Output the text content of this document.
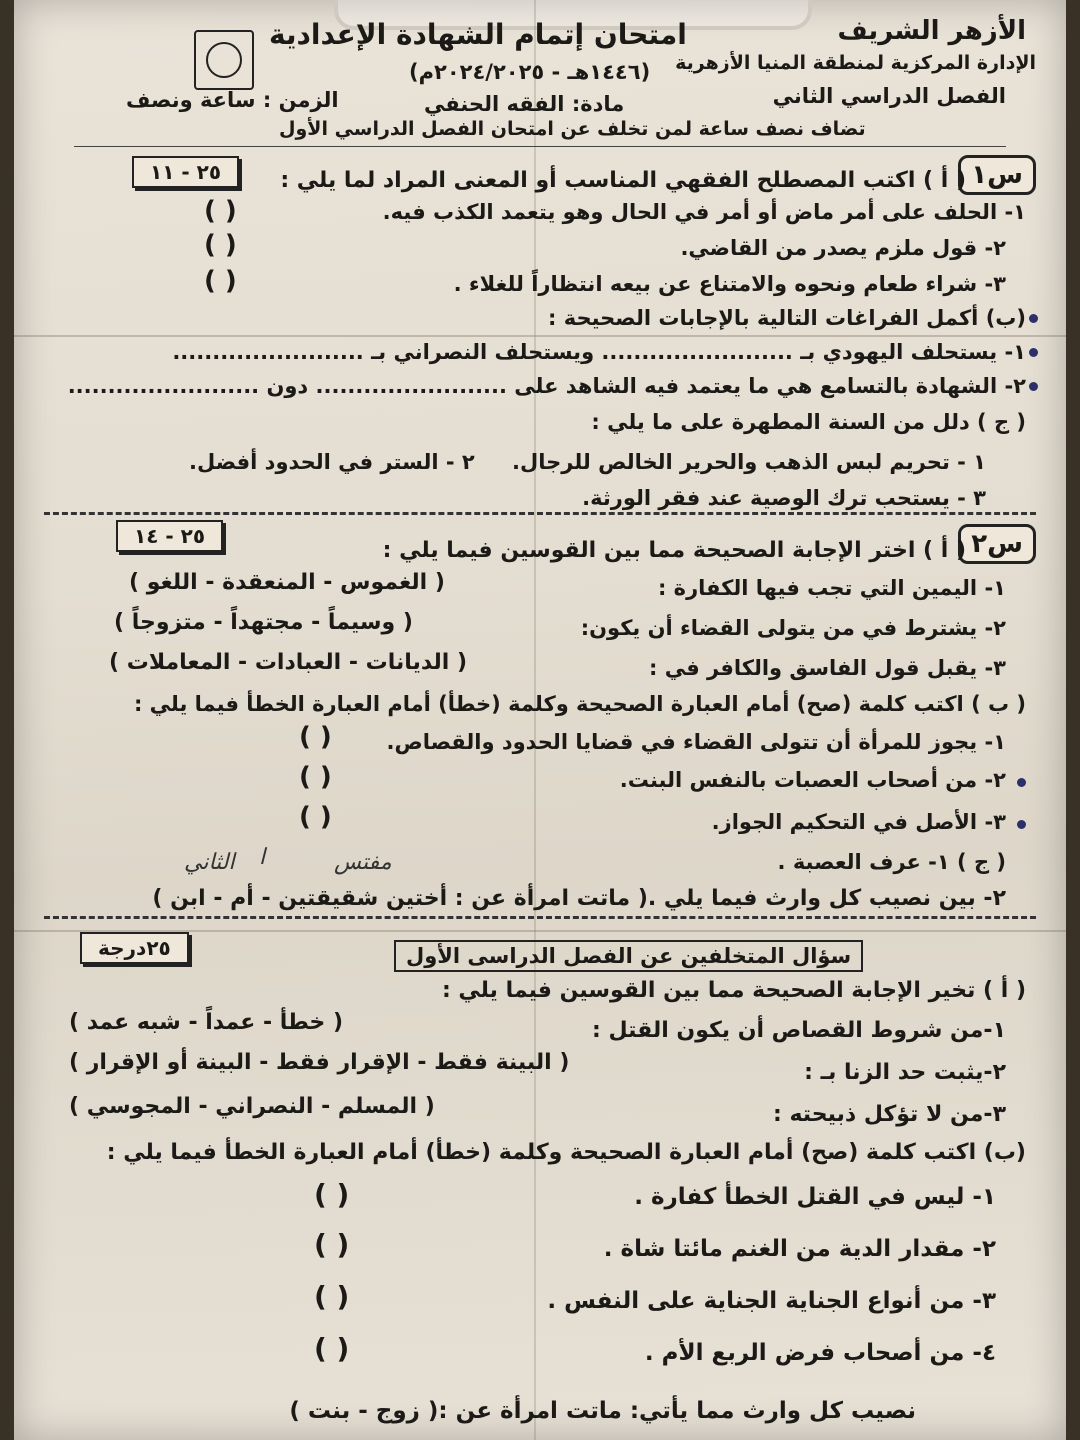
الأزهر الشريف
الإدارة المركزية لمنطقة المنيا الأزهرية
الفصل الدراسي الثاني
امتحان إتمام الشهادة الإعدادية
(١٤٤٦هـ - ٢٠٢٤/٢٠٢٥م)
مادة: الفقه الحنفي
الزمن : ساعة ونصف
تضاف نصف ساعة لمن تخلف عن امتحان الفصل الدراسي الأول
س١
٢٥ - ١١	( أ ) اكتب المصطلح الفقهي المناسب أو المعنى المراد لما يلي :
١- الحلف على أمر ماض أو أمر في الحال وهو يتعمد الكذب فيه.
( )
٢- قول ملزم يصدر من القاضي.
( )
٣- شراء طعام ونحوه والامتناع عن بيعه انتظاراً للغلاء .
( )
(ب) أكمل الفراغات التالية بالإجابات الصحيحة :
١- يستحلف اليهودي بـ ........................ ويستحلف النصراني بـ ........................
٢- الشهادة بالتسامع هي ما يعتمد فيه الشاهد على ........................ دون ........................
( ج ) دلل من السنة المطهرة على ما يلي :
١ - تحريم لبس الذهب والحرير الخالص للرجال.
٢ - الستر في الحدود أفضل.
٣ - يستحب ترك الوصية عند فقر الورثة.
س٢
٢٥ - ١٤
( أ ) اختر الإجابة الصحيحة مما بين القوسين فيما يلي :
١- اليمين التي تجب فيها الكفارة :
( الغموس - المنعقدة - اللغو )
٢- يشترط في من يتولى القضاء أن يكون:
( وسيماً - مجتهداً - متزوجاً )
٣- يقبل قول الفاسق والكافر في :
( الديانات - العبادات - المعاملات )
( ب ) اكتب كلمة (صح) أمام العبارة الصحيحة وكلمة (خطأ) أمام العبارة الخطأ فيما يلي :
١- يجوز للمرأة أن تتولى القضاء في قضايا الحدود والقصاص.
( )
٢- من أصحاب العصبات بالنفس البنت.
( )
٣- الأصل في التحكيم الجواز.
( )
( ج ) ١- عرف العصبة .
مفتس
ا
الثاني
٢- بين نصيب كل وارث فيما يلي .( ماتت امرأة عن : أختين شقيقتين - أم - ابن )
٢٥درجة	سؤال المتخلفين عن الفصل الدراسى الأول
( أ ) تخير الإجابة الصحيحة مما بين القوسين فيما يلي :
١-من شروط القصاص أن يكون القتل :
( خطأ - عمداً - شبه عمد )
٢-يثبت حد الزنا بـ :
( البينة فقط - الإقرار فقط - البينة أو الإقرار )
٣-من لا تؤكل ذبيحته :
( المسلم - النصراني - المجوسي )
(ب) اكتب كلمة (صح) أمام العبارة الصحيحة وكلمة (خطأ) أمام العبارة الخطأ فيما يلي :
١- ليس في القتل الخطأ كفارة .
( )
٢- مقدار الدية من الغنم مائتا شاة .
( )
٣- من أنواع الجناية الجناية على النفس .
( )
٤- من أصحاب فرض الربع الأم .
( )
نصيب كل وارث مما يأتي: ماتت امرأة عن :( زوج - بنت )
